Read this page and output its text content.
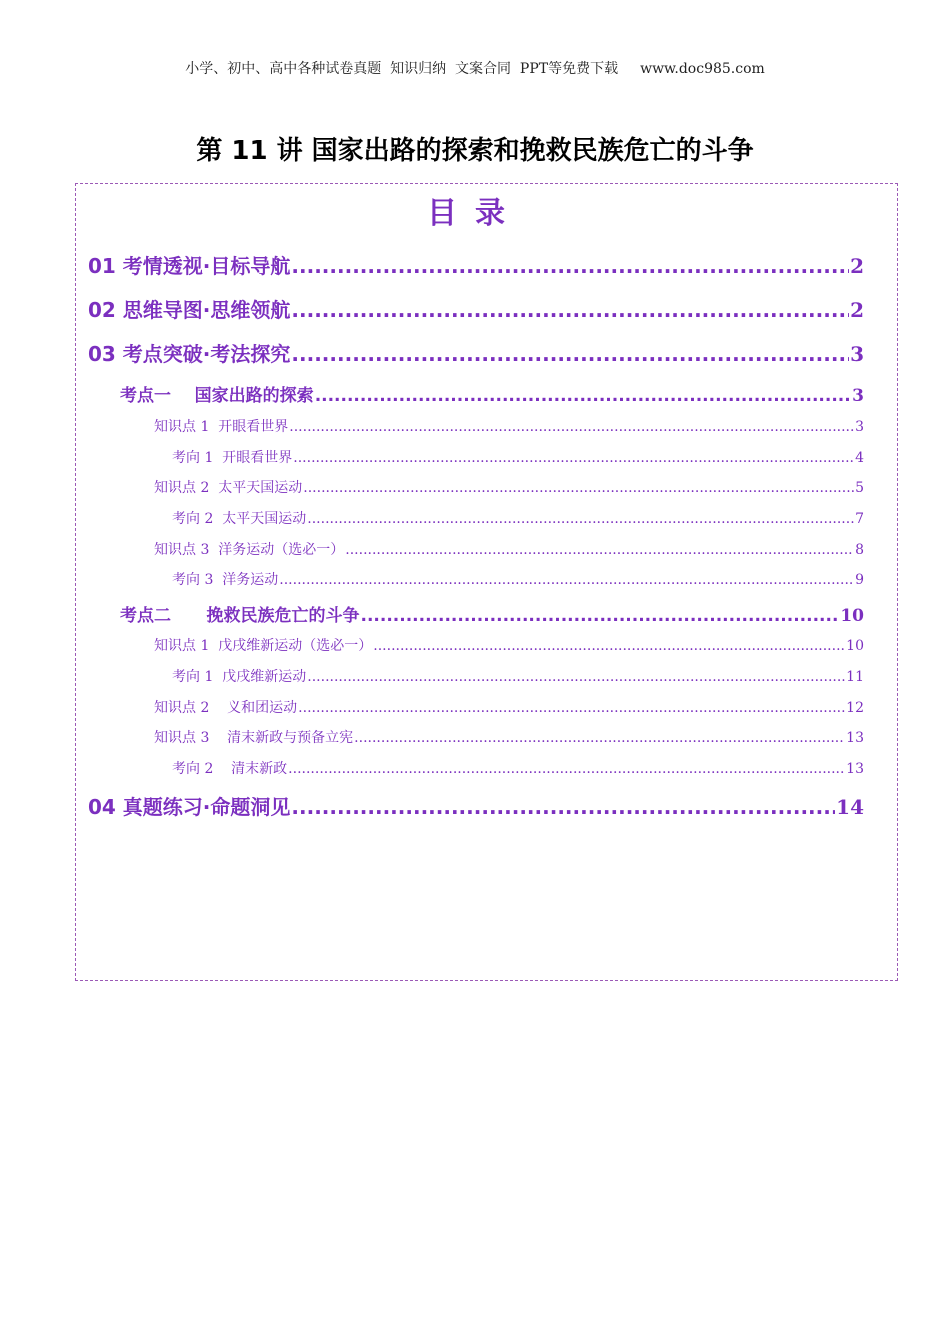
小学、初中、高中各种试卷真题  知识归纳  文案合同  PPT等免费下载 www.doc985.com
第 11 讲 国家出路的探索和挽救民族危亡的斗争
目录
01 考情透视·目标导航 .....	2
02 思维导图·思维领航 .....	2
03 考点突破·考法探究 .....	3
考点一    国家出路的探索 .....	3
知识点 1  开眼看世界 .....	3
考向 1  开眼看世界 .....	4
知识点 2  太平天国运动 .....	5
考向 2  太平天国运动 .....	7
知识点 3  洋务运动（选必一） .....	8
考向 3  洋务运动 .....	9
考点二      挽救民族危亡的斗争 .....	10
知识点 1  戊戌维新运动（选必一） .....	10
考向 1  戊戌维新运动 .....	11
知识点 2    义和团运动 .....	12
知识点 3    清末新政与预备立宪 .....	13
考向 2    清末新政 .....	13
04 真题练习·命题洞见 .....	14
